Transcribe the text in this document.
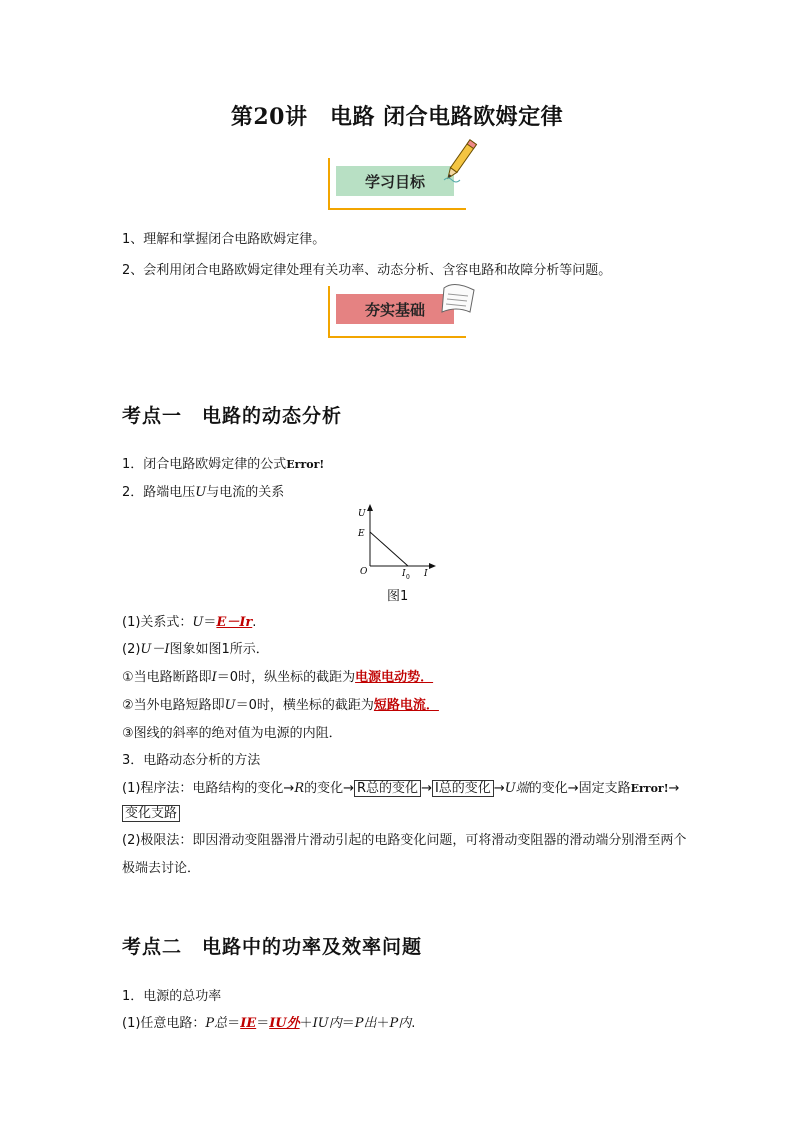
第20讲　电路 闭合电路欧姆定律
学习目标
1、理解和掌握闭合电路欧姆定律。
2、会利用闭合电路欧姆定律处理有关功率、动态分析、含容电路和故障分析等问题。
夯实基础
考点一　电路的动态分析
1．闭合电路欧姆定律的公式Error!
2．路端电压U与电流的关系
U
E
O	I 0 I
图1
(1)关系式：U＝E－Ir.
(2)U－I图象如图1所示．
①当电路断路即I＝0时，纵坐标的截距为电源电动势．
②当外电路短路即U＝0时，横坐标的截距为短路电流．
③图线的斜率的绝对值为电源的内阻．
3．电路动态分析的方法
(1)程序法：电路结构的变化→R的变化→ R总的变化 → I总的变化 →U端的变化→固定支路Error!→
变化支路
(2)极限法：即因滑动变阻器滑片滑动引起的电路变化问题，可将滑动变阻器的滑动端分别滑至两个
极端去讨论．
考点二　电路中的功率及效率问题
1．电源的总功率
(1)任意电路：P总＝IE＝IU外＋IU内＝P出＋P内.
